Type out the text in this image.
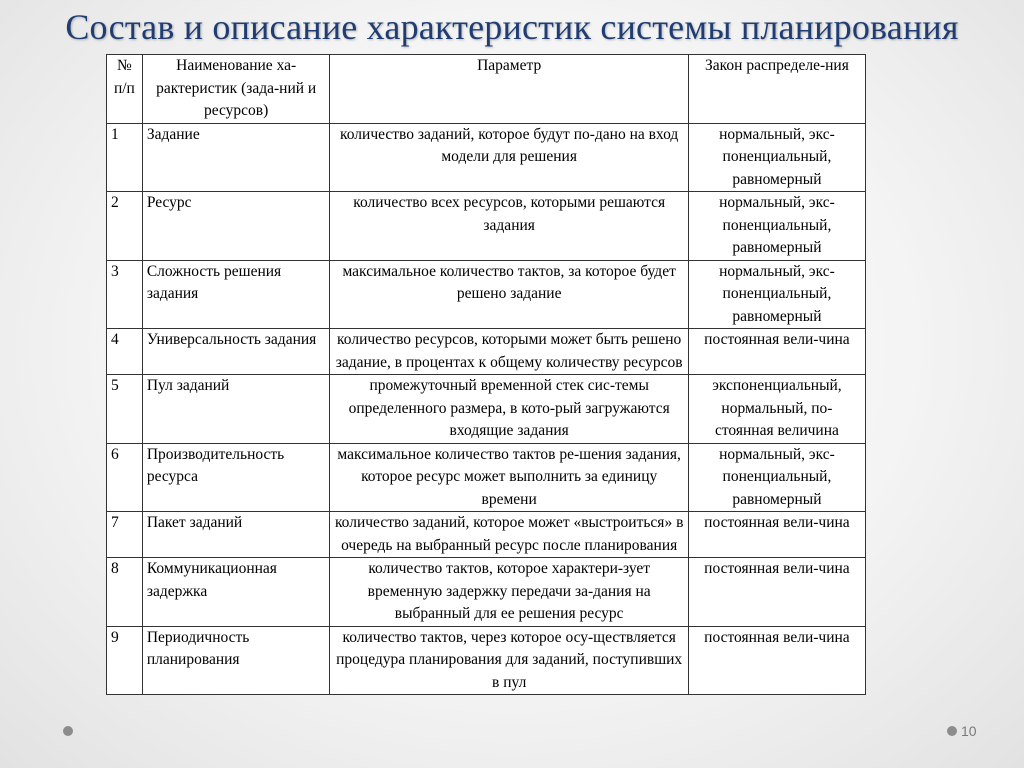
Состав и описание характеристик системы планирования
№ п/п	Наименование ха-рактеристик (зада-ний и ресурсов)	Параметр	Закон распределе-ния
1	Задание	количество заданий, которое будут по-дано на вход модели для решения	нормальный, экс-поненциальный, равномерный
2	Ресурс	количество всех ресурсов, которыми решаются задания	нормальный, экс-поненциальный, равномерный
3	Сложность решения задания	максимальное количество тактов, за которое будет решено задание	нормальный, экс-поненциальный, равномерный
4	Универсальность задания	количество ресурсов, которыми может быть решено задание, в процентах к общему количеству ресурсов	постоянная вели-чина
5	Пул заданий	промежуточный временной стек сис-темы определенного размера, в кото-рый загружаются входящие задания	экспоненциальный, нормальный, по-стоянная величина
6	Производительность ресурса	максимальное количество тактов ре-шения задания, которое ресурс может выполнить за единицу времени	нормальный, экс-поненциальный, равномерный
7	Пакет заданий	количество заданий, которое может «выстроиться» в очередь на выбранный ресурс после планирования	постоянная вели-чина
8	Коммуникационная задержка	количество тактов, которое характери-зует временную задержку передачи за-дания на выбранный для ее решения ресурс	постоянная вели-чина
9	Периодичность планирования	количество тактов, через которое осу-ществляется процедура планирования для заданий, поступивших в пул	постоянная вели-чина
10
